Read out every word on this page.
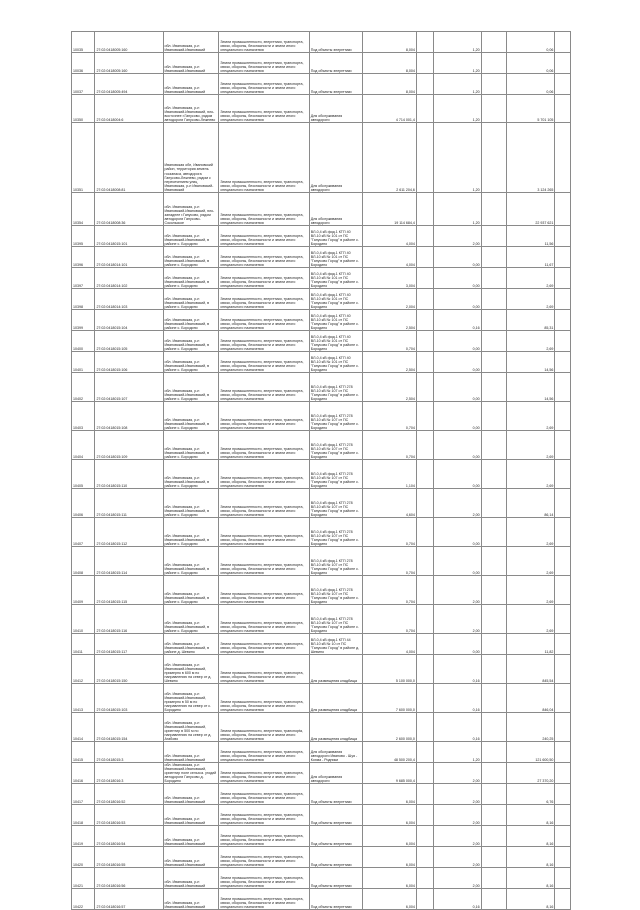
10035	27:02:0418005:160	обл. Ивановская, р-н Ивановский-Ивановский	Земли промышленности, энергетики, транспорта, связи, обороны, безопасности и земли иного специального назначения	Под объекты энергетики	8,004		1,20		0,06	
10036	27:02:0418005:160	обл. Ивановская, р-н Ивановский-Ивановский	Земли промышленности, энергетики, транспорта, связи, обороны, безопасности и земли иного специального назначения	Под объекты энергетики	8,004		1,20		0,06	
10037	27:02:0418005:494	обл. Ивановская, р-н Ивановский-Ивановский	Земли промышленности, энергетики, транспорта, связи, обороны, безопасности и земли иного специального назначения	Под объекты энергетики	8,004		1,20		0,06	
10350	27:02:0418004:6	обл. Ивановская, р-н Ивановский-Ивановский, юго-восточнее г.Ганусово, рядом автодороги Ганусово-Лежнево	Земли промышленности, энергетики, транспорта, связи, обороны, безопасности и земли иного специального назначения	Для обслуживания автодороги	4 714 001,4		1,20		5 701 105	
10351	27:02:0418008:81	Ивановская обл, Ивановский район, территория земель госзапаса, автодорога Ганусово-Лежнево, рядом с пересечением улиц Ивановская, р-н Ивановский-Ивановский	Земли промышленности, энергетики, транспорта, связи, обороны, безопасности и земли иного специального назначения	Для обслуживания автодороги	2 611 204,6		1,20		3 124 265	
10354	27:02:0418008:36	обл. Ивановская, р-н Ивановский-Ивановский, юго-западнее г.Ганусово, рядом автодороги Ганусово-Сокольское	Земли промышленности, энергетики, транспорта, связи, обороны, безопасности и земли иного специального назначения	Для обслуживания автодороги	19 114 684,4		1,20		22 937 621	
10395	27:02:0418015:101	обл. Ивановская, р-н Ивановский-Ивановский, в районе с. Бородино	Земли промышленности, энергетики, транспорта, связи, обороны, безопасности и земли иного специального назначения	ВЛ-0,4 кВ фид.1 КТП 40 ВЛ-10 кВ № 101 от ПС "Ганусово Город" в районе с. Бородино	4,004		2,00		11,56	
10396	27:02:0418014:101	обл. Ивановская, р-н Ивановский-Ивановский, в районе с. Бородино	Земли промышленности, энергетики, транспорта, связи, обороны, безопасности и земли иного специального назначения	ВЛ-0,4 кВ фид.1 КТП 40 ВЛ-10 кВ № 101 от ПС "Ганусово Город" в районе с. Бородино	4,004		0,00		11,67	
10397	27:02:0418014:102	обл. Ивановская, р-н Ивановский-Ивановский, в районе с. Бородино	Земли промышленности, энергетики, транспорта, связи, обороны, безопасности и земли иного специального назначения	ВЛ-0,4 кВ фид.1 КТП 40 ВЛ-10 кВ № 101 от ПС "Ганусово Город" в районе с. Бородино	3,004		0,00		2,69	
10398	27:02:0418014:103	обл. Ивановская, р-н Ивановский-Ивановский, в районе с. Бородино	Земли промышленности, энергетики, транспорта, связи, обороны, безопасности и земли иного специального назначения	ВЛ-0,4 кВ фид.1 КТП 40 ВЛ-10 кВ № 101 от ПС "Ганусово Город" в районе с. Бородино	2,004		0,00		2,69	
10399	27:02:0418015:104	обл. Ивановская, р-н Ивановский-Ивановский, в районе с. Бородино	Земли промышленности, энергетики, транспорта, связи, обороны, безопасности и земли иного специального назначения	ВЛ-0,4 кВ фид.1 КТП 40 ВЛ-10 кВ № 101 от ПС "Ганусово Город" в районе с. Бородино	2,504		0,16		85,31	
10400	27:02:0418015:105	обл. Ивановская, р-н Ивановский-Ивановский, в районе с. Бородино	Земли промышленности, энергетики, транспорта, связи, обороны, безопасности и земли иного специального назначения	ВЛ-0,4 кВ фид.1 КТП 40 ВЛ-10 кВ № 101 от ПС "Ганусово Город" в районе с. Бородино	0,704		0,00		2,69	
10401	27:02:0418015:106	обл. Ивановская, р-н Ивановский-Ивановский, в районе с. Бородино	Земли промышленности, энергетики, транспорта, связи, обороны, безопасности и земли иного специального назначения	ВЛ-0,4 кВ фид.1 КТП 40 ВЛ-10 кВ № 101 от ПС "Ганусово Город" в районе с. Бородино	2,504		0,00		14,56	
10402	27:02:0418015:107	обл. Ивановская, р-н Ивановский-Ивановский, в районе с. Бородино	Земли промышленности, энергетики, транспорта, связи, обороны, безопасности и земли иного специального назначения	ВЛ-0,4 кВ фид.1 КТП 278 ВЛ-10 кВ № 107 от ПС "Ганусово Город" в районе с. Бородино	2,504		0,00		14,56	
10403	27:02:0418015:108	обл. Ивановская, р-н Ивановский-Ивановский, в районе с. Бородино	Земли промышленности, энергетики, транспорта, связи, обороны, безопасности и земли иного специального назначения	ВЛ-0,4 кВ фид.1 КТП 278 ВЛ-10 кВ № 107 от ПС "Ганусово Город" в районе с. Бородино	0,704		0,00		2,69	
10404	27:02:0418015:109	обл. Ивановская, р-н Ивановский-Ивановский, в районе с. Бородино	Земли промышленности, энергетики, транспорта, связи, обороны, безопасности и земли иного специального назначения	ВЛ-0,4 кВ фид.1 КТП 278 ВЛ-10 кВ № 107 от ПС "Ганусово Город" в районе с. Бородино	0,704		0,00		2,69	
10405	27:02:0418015:110	обл. Ивановская, р-н Ивановский-Ивановский, в районе с. Бородино	Земли промышленности, энергетики, транспорта, связи, обороны, безопасности и земли иного специального назначения	ВЛ-0,4 кВ фид.1 КТП 278 ВЛ-10 кВ № 107 от ПС "Ганусово Город" в районе с. Бородино	1,104		0,00		2,69	
10406	27:02:0418015:111	обл. Ивановская, р-н Ивановский-Ивановский, в районе с. Бородино	Земли промышленности, энергетики, транспорта, связи, обороны, безопасности и земли иного специального назначения	ВЛ-0,4 кВ фид.1 КТП 278 ВЛ-10 кВ № 107 от ПС "Ганусово Город" в районе с. Бородино	4,604		2,00		86,14	
10407	27:02:0418015:112	обл. Ивановская, р-н Ивановский-Ивановский, в районе с. Бородино	Земли промышленности, энергетики, транспорта, связи, обороны, безопасности и земли иного специального назначения	ВЛ-0,4 кВ фид.1 КТП 278 ВЛ-10 кВ № 107 от ПС "Ганусово Город" в районе с. Бородино	0,704		0,00		2,69	
10408	27:02:0418015:114	обл. Ивановская, р-н Ивановский-Ивановский, в районе с. Бородино	Земли промышленности, энергетики, транспорта, связи, обороны, безопасности и земли иного специального назначения	ВЛ-0,4 кВ фид.1 КТП 278 ВЛ-10 кВ № 107 от ПС "Ганусово Город" в районе с. Бородино	0,704		0,00		2,69	
10409	27:02:0418015:115	обл. Ивановская, р-н Ивановский-Ивановский, в районе с. Бородино	Земли промышленности, энергетики, транспорта, связи, обороны, безопасности и земли иного специального назначения	ВЛ-0,4 кВ фид.1 КТП 278 ВЛ-10 кВ № 107 от ПС "Ганусово Город" в районе с. Бородино	0,704		2,00		2,69	
10410	27:02:0418015:116	обл. Ивановская, р-н Ивановский-Ивановский, в районе с. Бородино	Земли промышленности, энергетики, транспорта, связи, обороны, безопасности и земли иного специального назначения	ВЛ-0,4 кВ фид.1 КТП 278 ВЛ-10 кВ № 107 от ПС "Ганусово Город" в районе с. Бородино	0,704		2,00		2,69	
10411	27:02:0418015:117	обл. Ивановская, р-н Ивановский-Ивановский, в районе д. Шевино	Земли промышленности, энергетики, транспорта, связи, обороны, безопасности и земли иного специального назначения	ВЛ-0,4 кВ фид.1 КТП 44 ВЛ-10 кВ № 10 от ПС "Ганусово Город" в районе д. Шевино	4,004		0,00		11,82	
10412	27:02:0418015:150	обл. Ивановская, р-н Ивановский-Ивановский, примерно в 600 м по направлению на север от д. Шевино	Земли промышленности, энергетики, транспорта, связи, обороны, безопасности и земли иного специального назначения	Для размещения кладбища	5 100 000,0		0,16		845,54	
10413	27:02:0418015:103	обл. Ивановская, р-н Ивановский-Ивановский, примерно в 50 м по направлению на север от с. Бородино	Земли промышленности, энергетики, транспорта, связи, обороны, безопасности и земли иного специального назначения	Для размещения кладбища	7 600 000,0		0,16		846,04	
10414	27:02:0418015:154	обл. Ивановская, р-н Ивановский-Ивановский, ориентир в 500 м по направлению на север от д. Агабово	Земли промышленности, энергетики, транспорta, связи, обороны, безопасности и земли иного специального назначения	Для размещения кладбища	2 600 000,0		0,16		240,25	
10415	27:02:0418015:3	обл. Ивановская, р-н Ивановский-Ивановский	Земли промышленности, энергетики, транспорта, связи, обороны, безопасности и земли иного специального назначения	Для обслуживания автодороги Иваново - Шуя - Кохма - Родники	48 500 200,4		1,20		121 600,50	
10416	27:02:0418016:3	обл. Ивановская, р-н Ивановский-Ивановский, ориентир поле сельхоз. угодий автодороги Ганусово д. Бородино	Земли промышленности, энергетики, транспорта, связи, обороны, безопасности и земли иного специального назначения	Для обслуживания автодороги	9 685 000,4		2,00		27 370,20	
10417	27:02:0418016:52	обл. Ивановская, р-н Ивановский-Ивановский	Земли промышленности, энергетики, транспорта, связи, обороны, безопасности и земли иного специального назначения	Под объекты энергетики	6,004		2,00		6,76	
10418	27:02:0418016:53	обл. Ивановская, р-н Ивановский-Ивановский	Земли промышленности, энергетики, транспорта, связи, обороны, безопасности и земли иного специального назначения	Под объекты энергетики	6,004		2,00		8,16	
10419	27:02:0418016:54	обл. Ивановская, р-н Ивановский-Ивановский	Земли промышленности, энергетики, транспорта, связи, обороны, безопасности и земли иного специального назначения	Под объекты энергетики	6,004		2,00		8,16	
10420	27:02:0418016:55	обл. Ивановская, р-н Ивановский-Ивановский	Земли промышленности, энергетики, транспорта, связи, обороны, безопасности и земли иного специального назначения	Под объекты энергетики	6,004		2,00		8,16	
10421	27:02:0418016:56	обл. Ивановская, р-н Ивановский-Ивановский	Земли промышленности, энергетики, транспорта, связи, обороны, безопасности и земли иного специального назначения	Под объекты энергетики	6,004		2,00		8,16	
10422	27:02:0418016:57	обл. Ивановская, р-н Ивановский-Ивановский	Земли промышленности, энергетики, транспорта, связи, обороны, безопасности и земли иного специального назначения	Под объекты энергетики	6,004		0,16		8,16	
